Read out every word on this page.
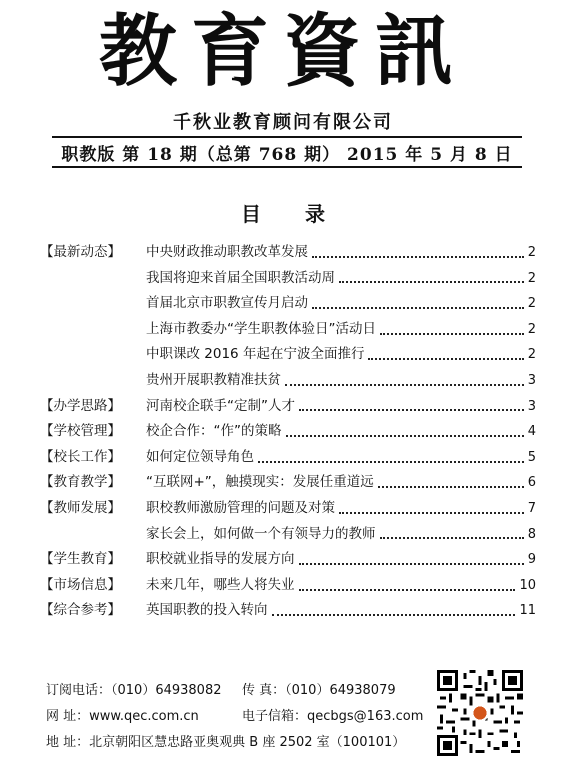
教育資訊
千秋业教育顾问有限公司
职教版 第 18 期（总第 768 期） 2015 年 5 月 8 日
目录
【最新动态】	中央财政推动职教改革发展	2
我国将迎来首届全国职教活动周	2
首届北京市职教宣传月启动	2
上海市教委办“学生职教体验日”活动日	2
中职课改 2016 年起在宁波全面推行	2
贵州开展职教精准扶贫	3
【办学思路】	河南校企联手“定制”人才	3
【学校管理】	校企合作：“作”的策略	4
【校长工作】	如何定位领导角色	5
【教育教学】	“互联网+”，触摸现实：发展任重道远	6
【教师发展】	职校教师激励管理的问题及对策	7
家长会上，如何做一个有领导力的教师	8
【学生教育】	职校就业指导的发展方向	9
【市场信息】	未来几年，哪些人将失业	10
【综合参考】	英国职教的投入转向	11
订阅电话：（010）64938082 传 真：（010）64938079
网 址：www.qec.com.cn	电子信箱：qecbgs@163.com
地 址：北京朝阳区慧忠路亚奥观典 B 座 2502 室（100101）
